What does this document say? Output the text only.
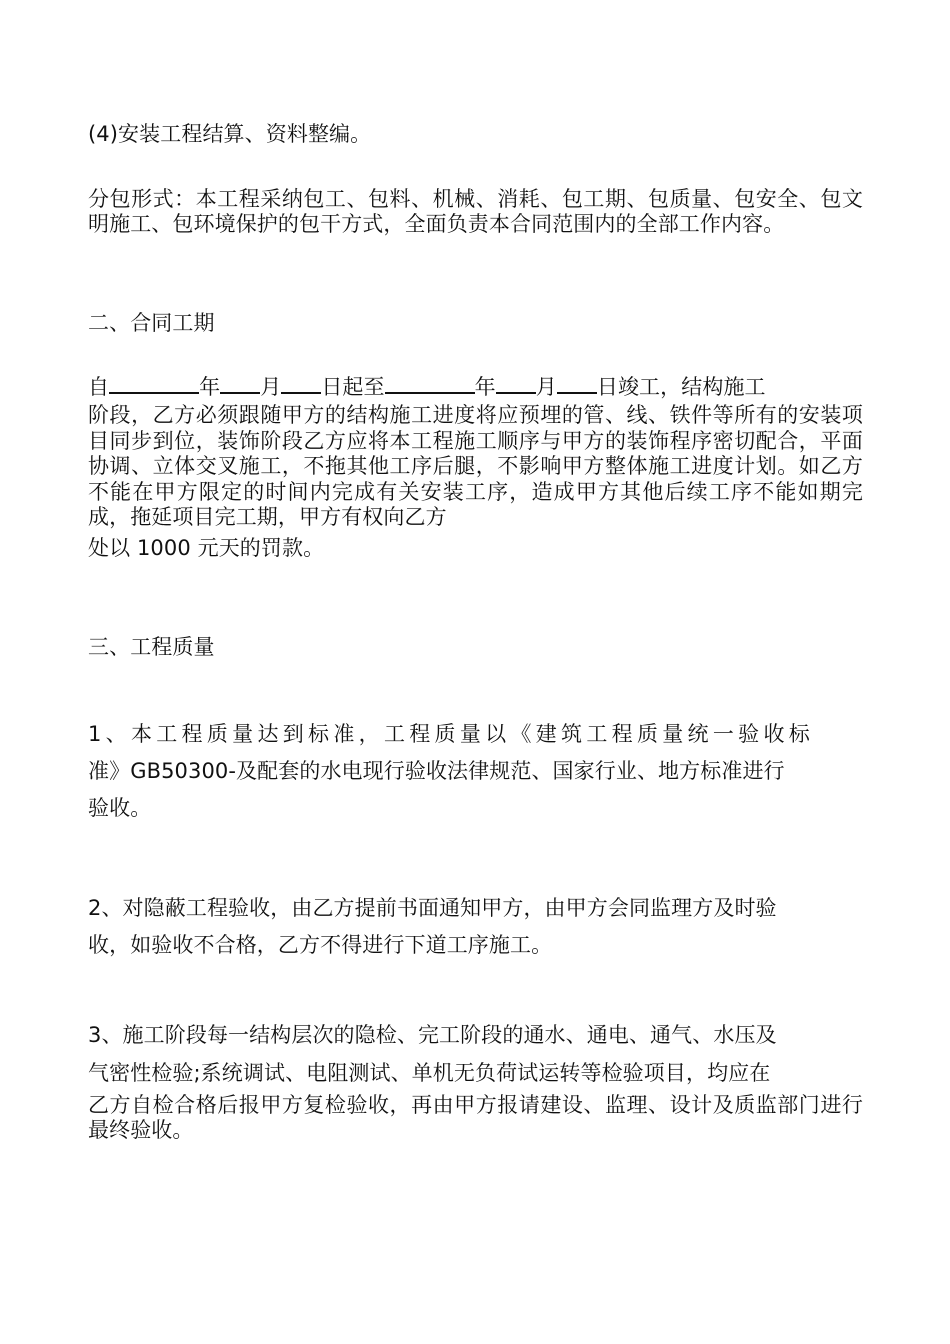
(4)安装工程结算、资料整编。
分包形式：本工程采纳包工、包料、机械、消耗、包工期、包质量、包安全、包文明施工、包环境保护的包干方式，全面负责本合同范围内的全部工作内容。
二、合同工期
自	年 月 日起至	年 月 日竣工，结构施工
阶段，乙方必须跟随甲方的结构施工进度将应预埋的管、线、铁件等所有的安装项目同步到位，装饰阶段乙方应将本工程施工顺序与甲方的装饰程序密切配合，平面协调、立体交叉施工，不拖其他工序后腿，不影响甲方整体施工进度计划。如乙方不能在甲方限定的时间内完成有关安装工序，造成甲方其他后续工序不能如期完成，拖延项目完工期，甲方有权向乙方
处以 1000 元天的罚款。
三、工程质量
1、本工程质量达到标准，工程质量以《建筑工程质量统一验收标
准》GB50300-及配套的水电现行验收法律规范、国家行业、地方标准进行
验收。
2、对隐蔽工程验收，由乙方提前书面通知甲方，由甲方会同监理方及时验
收，如验收不合格，乙方不得进行下道工序施工。
3、施工阶段每一结构层次的隐检、完工阶段的通水、通电、通气、水压及
气密性检验;系统调试、电阻测试、单机无负荷试运转等检验项目，均应在
乙方自检合格后报甲方复检验收，再由甲方报请建设、监理、设计及质监部门进行最终验收。
